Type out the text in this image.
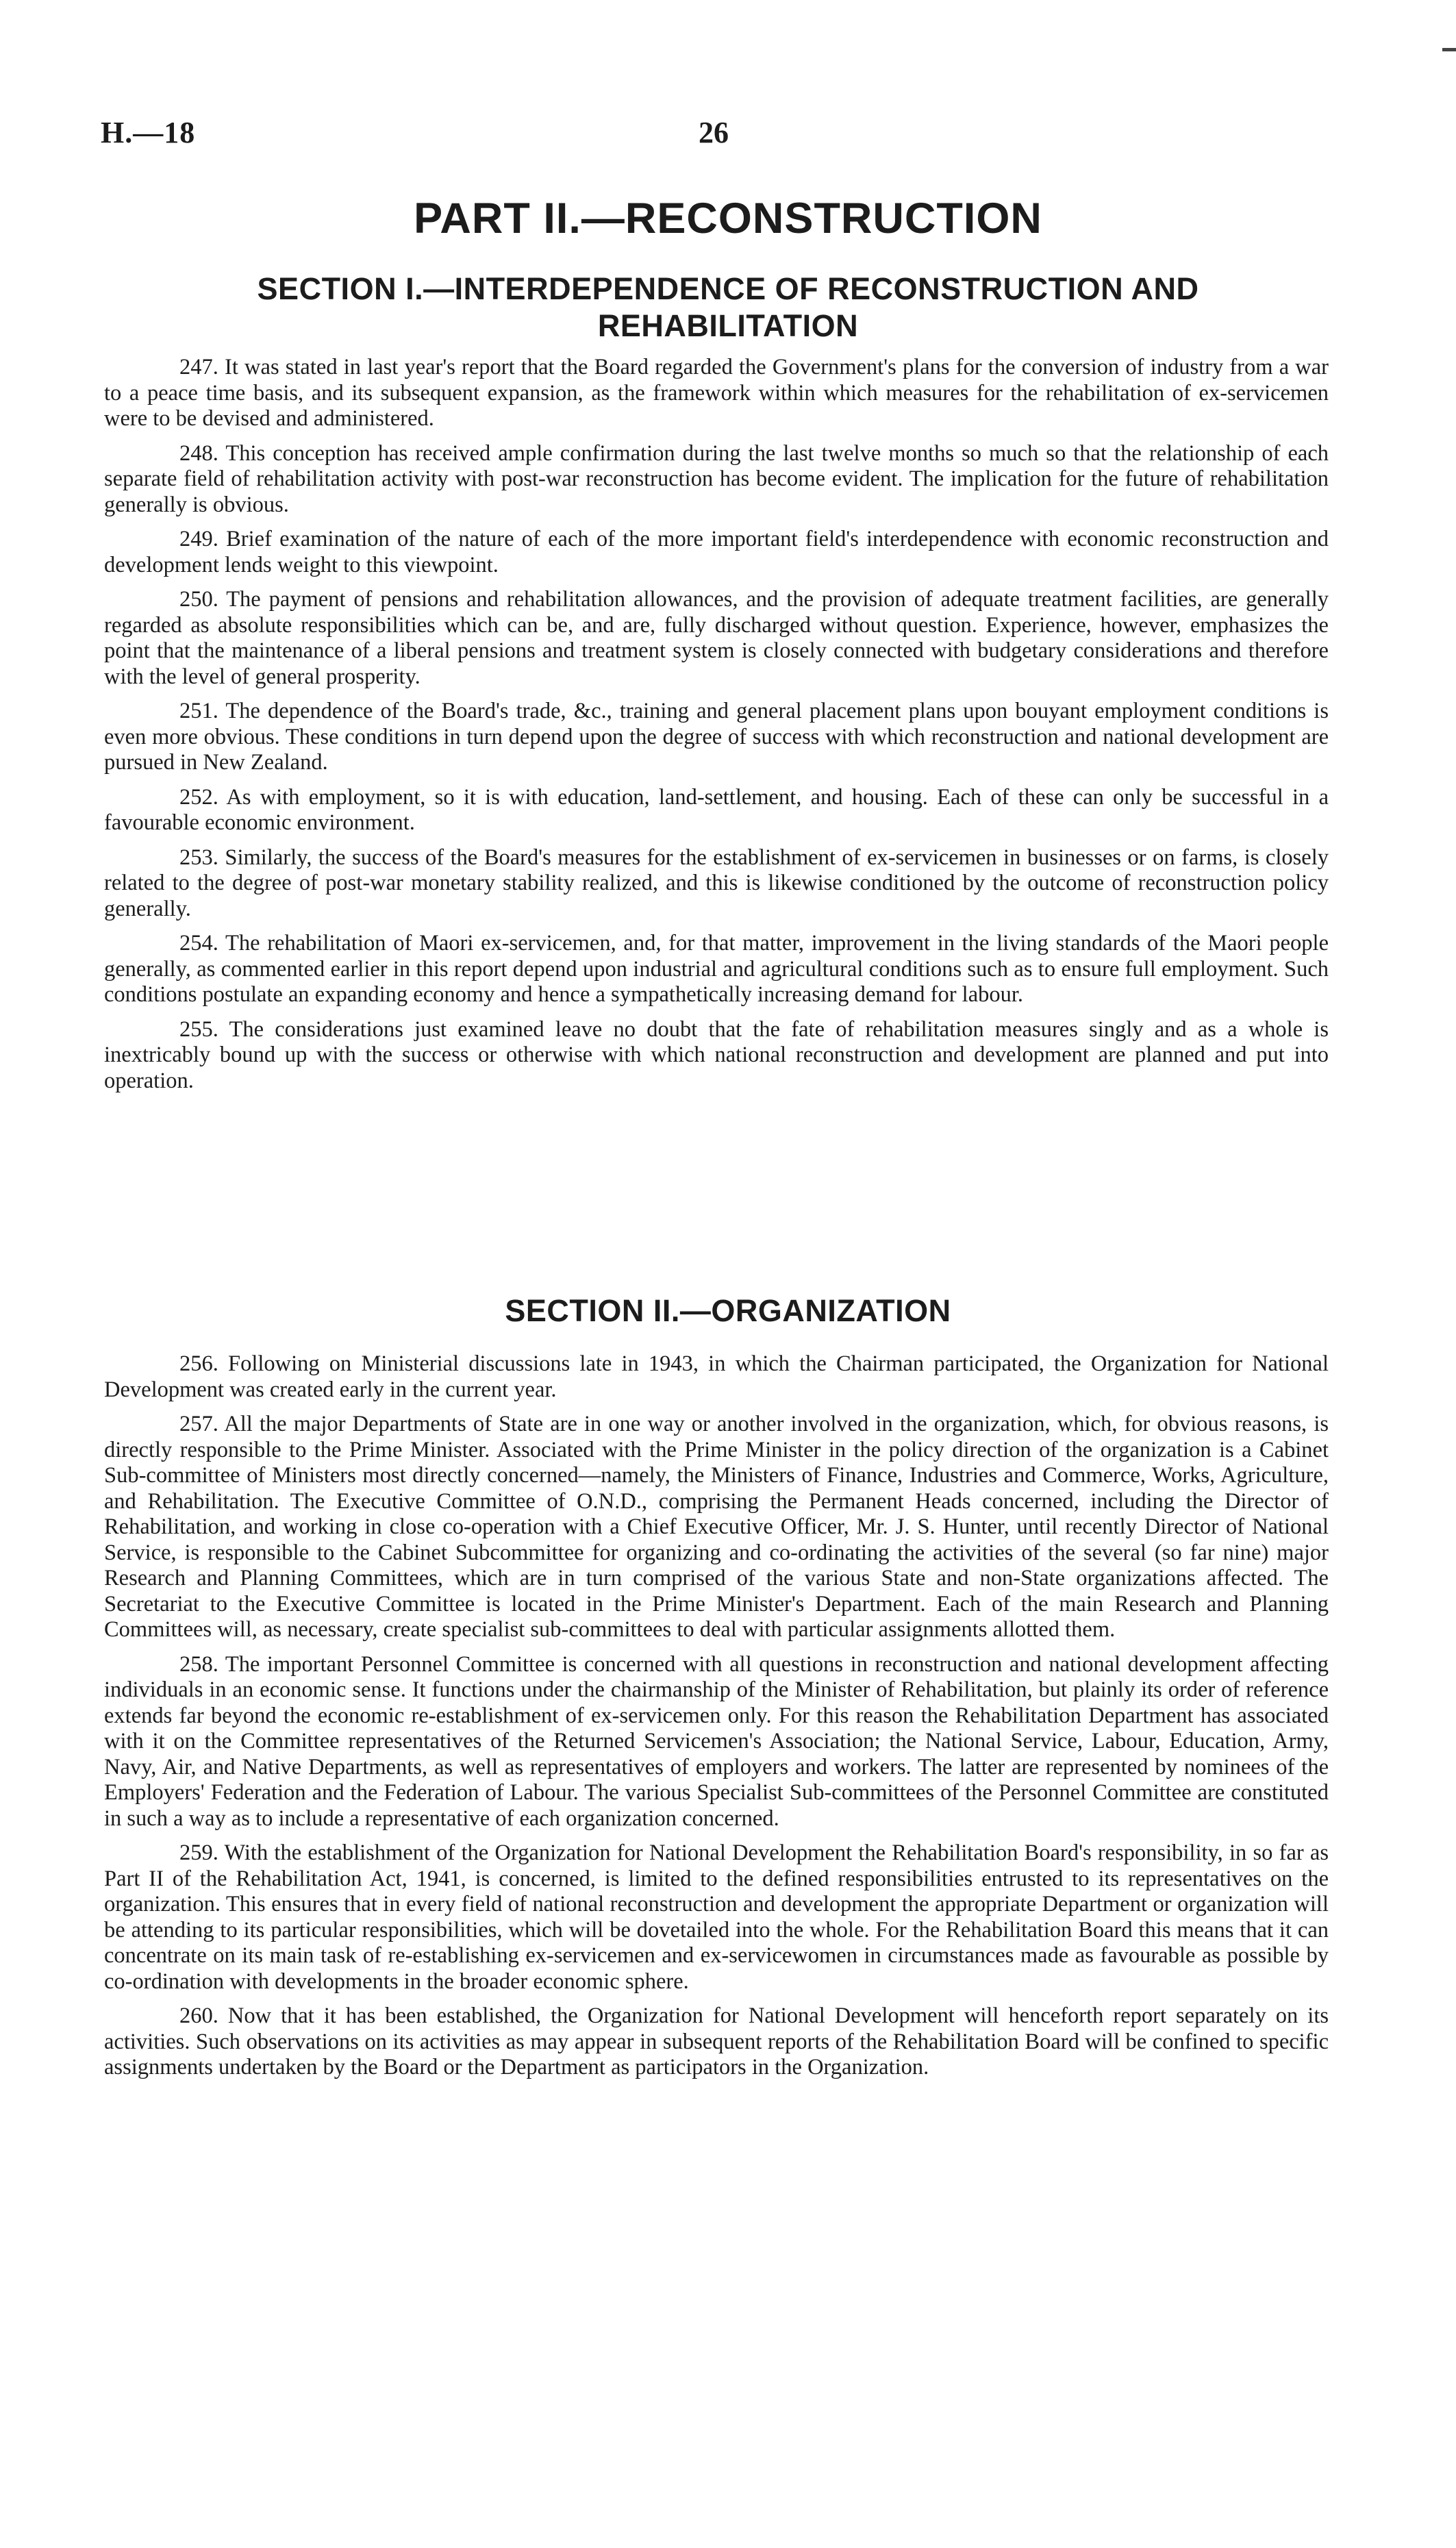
H.—18	26
PART II.—RECONSTRUCTION
SECTION I.—INTERDEPENDENCE OF RECONSTRUCTION AND REHABILITATION

247. It was stated in last year's report that the Board regarded the Government's plans for the conversion of industry from a war to a peace time basis, and its subsequent expansion, as the framework within which measures for the rehabilitation of ex-servicemen were to be devised and administered.

248. This conception has received ample confirmation during the last twelve months so much so that the relationship of each separate field of rehabilitation activity with post-war reconstruction has become evident. The implication for the future of rehabilitation generally is obvious.

249. Brief examination of the nature of each of the more important field's interdependence with economic reconstruction and development lends weight to this viewpoint.

250. The payment of pensions and rehabilitation allowances, and the provision of adequate treatment facilities, are generally regarded as absolute responsibilities which can be, and are, fully discharged without question. Experience, however, emphasizes the point that the maintenance of a liberal pensions and treatment system is closely connected with budgetary considerations and therefore with the level of general prosperity.

251. The dependence of the Board's trade, &c., training and general placement plans upon bouyant employment conditions is even more obvious. These conditions in turn depend upon the degree of success with which reconstruction and national development are pursued in New Zealand.

252. As with employment, so it is with education, land-settlement, and housing. Each of these can only be successful in a favourable economic environment.

253. Similarly, the success of the Board's measures for the establishment of ex-servicemen in businesses or on farms, is closely related to the degree of post-war monetary stability realized, and this is likewise conditioned by the outcome of reconstruction policy generally.

254. The rehabilitation of Maori ex-servicemen, and, for that matter, improvement in the living standards of the Maori people generally, as commented earlier in this report depend upon industrial and agricultural conditions such as to ensure full employment. Such conditions postulate an expanding economy and hence a sympathetically increasing demand for labour.

255. The considerations just examined leave no doubt that the fate of rehabilitation measures singly and as a whole is inextricably bound up with the success or otherwise with which national reconstruction and development are planned and put into operation.

SECTION II.—ORGANIZATION

256. Following on Ministerial discussions late in 1943, in which the Chairman participated, the Organization for National Development was created early in the current year.

257. All the major Departments of State are in one way or another involved in the organization, which, for obvious reasons, is directly responsible to the Prime Minister. Associated with the Prime Minister in the policy direction of the organization is a Cabinet Sub-committee of Ministers most directly concerned—namely, the Ministers of Finance, Industries and Commerce, Works, Agriculture, and Rehabilitation. The Executive Committee of O.N.D., comprising the Permanent Heads concerned, including the Director of Rehabilitation, and working in close co-operation with a Chief Executive Officer, Mr. J. S. Hunter, until recently Director of National Service, is responsible to the Cabinet Subcommittee for organizing and co-ordinating the activities of the several (so far nine) major Research and Planning Committees, which are in turn comprised of the various State and non-State organizations affected. The Secretariat to the Executive Committee is located in the Prime Minister's Department. Each of the main Research and Planning Committees will, as necessary, create specialist sub-committees to deal with particular assignments allotted them.

258. The important Personnel Committee is concerned with all questions in reconstruction and national development affecting individuals in an economic sense. It functions under the chairmanship of the Minister of Rehabilitation, but plainly its order of reference extends far beyond the economic re-establishment of ex-servicemen only. For this reason the Rehabilitation Department has associated with it on the Committee representatives of the Returned Servicemen's Association; the National Service, Labour, Education, Army, Navy, Air, and Native Departments, as well as representatives of employers and workers. The latter are represented by nominees of the Employers' Federation and the Federation of Labour. The various Specialist Sub-committees of the Personnel Committee are constituted in such a way as to include a representative of each organization concerned.

259. With the establishment of the Organization for National Development the Rehabilitation Board's responsibility, in so far as Part II of the Rehabilitation Act, 1941, is concerned, is limited to the defined responsibilities entrusted to its representatives on the organization. This ensures that in every field of national reconstruction and development the appropriate Department or organization will be attending to its particular responsibilities, which will be dovetailed into the whole. For the Rehabilitation Board this means that it can concentrate on its main task of re-establishing ex-servicemen and ex-servicewomen in circumstances made as favourable as possible by co-ordination with developments in the broader economic sphere.

260. Now that it has been established, the Organization for National Development will henceforth report separately on its activities. Such observations on its activities as may appear in subsequent reports of the Rehabilitation Board will be confined to specific assignments undertaken by the Board or the Department as participators in the Organization.
